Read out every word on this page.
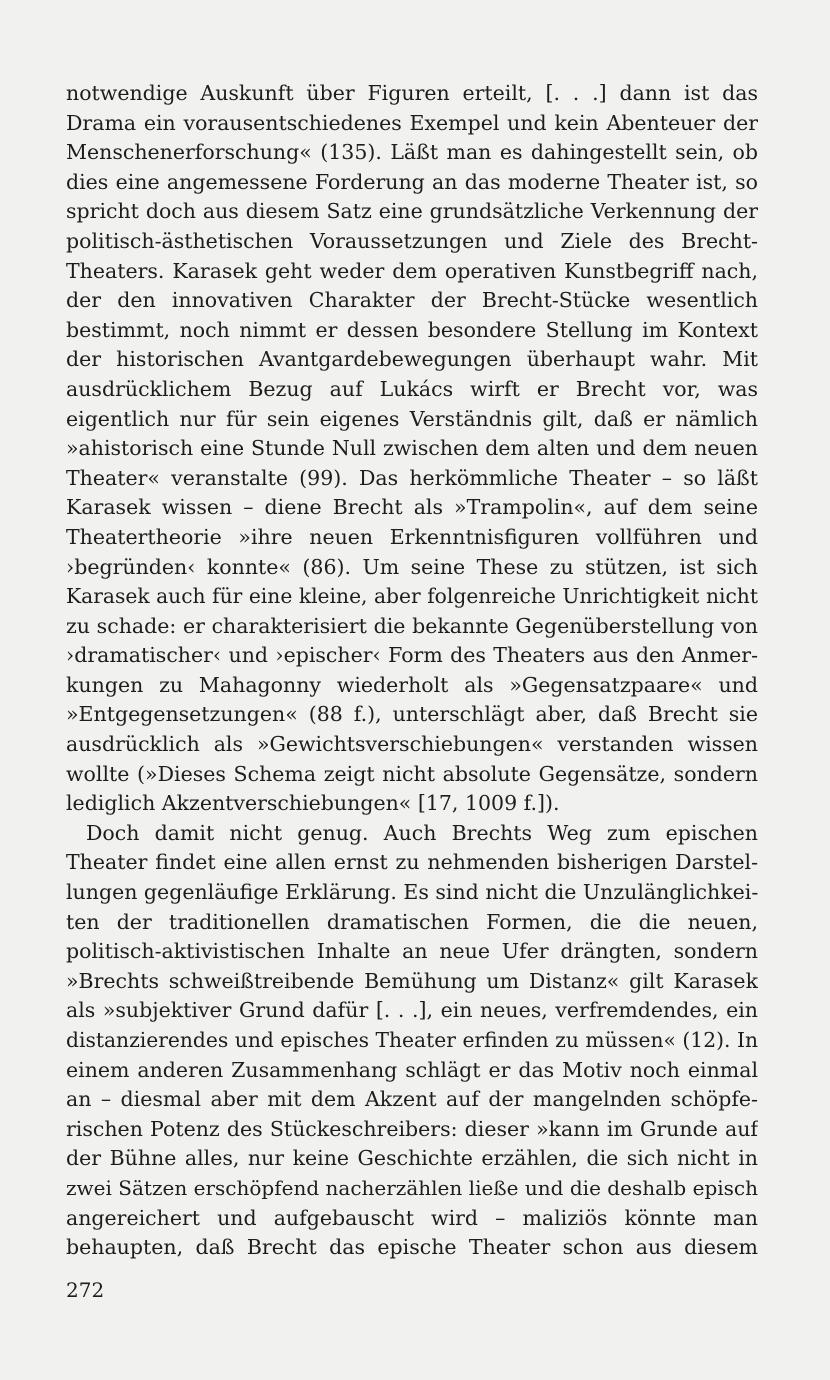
notwendige Auskunft über Figuren erteilt, [. . .] dann ist das
Drama ein vorausentschiedenes Exempel und kein Abenteuer der
Menschenerforschung« (135). Läßt man es dahingestellt sein, ob
dies eine angemessene Forderung an das moderne Theater ist, so
spricht doch aus diesem Satz eine grundsätzliche Verkennung der
politisch-ästhetischen Voraussetzungen und Ziele des Brecht-
Theaters. Karasek geht weder dem operativen Kunstbegriff nach,
der den innovativen Charakter der Brecht-Stücke wesentlich
bestimmt, noch nimmt er dessen besondere Stellung im Kontext
der historischen Avantgardebewegungen überhaupt wahr. Mit
ausdrücklichem Bezug auf Lukács wirft er Brecht vor, was
eigentlich nur für sein eigenes Verständnis gilt, daß er nämlich
»ahistorisch eine Stunde Null zwischen dem alten und dem neuen
Theater« veranstalte (99). Das herkömmliche Theater – so läßt
Karasek wissen – diene Brecht als »Trampolin«, auf dem seine
Theatertheorie »ihre neuen Erkenntnisfiguren vollführen und
›begründen‹ konnte« (86). Um seine These zu stützen, ist sich
Karasek auch für eine kleine, aber folgenreiche Unrichtigkeit nicht
zu schade: er charakterisiert die bekannte Gegenüberstellung von
›dramatischer‹ und ›epischer‹ Form des Theaters aus den Anmer-
kungen zu Mahagonny wiederholt als »Gegensatzpaare« und
»Entgegensetzungen« (88 f.), unterschlägt aber, daß Brecht sie
ausdrücklich als »Gewichtsverschiebungen« verstanden wissen
wollte (»Dieses Schema zeigt nicht absolute Gegensätze, sondern
lediglich Akzentverschiebungen« [17, 1009 f.]).
Doch damit nicht genug. Auch Brechts Weg zum epischen
Theater findet eine allen ernst zu nehmenden bisherigen Darstel-
lungen gegenläufige Erklärung. Es sind nicht die Unzulänglichkei-
ten der traditionellen dramatischen Formen, die die neuen,
politisch-aktivistischen Inhalte an neue Ufer drängten, sondern
»Brechts schweißtreibende Bemühung um Distanz« gilt Karasek
als »subjektiver Grund dafür [. . .], ein neues, verfremdendes, ein
distanzierendes und episches Theater erfinden zu müssen« (12). In
einem anderen Zusammenhang schlägt er das Motiv noch einmal
an – diesmal aber mit dem Akzent auf der mangelnden schöpfe-
rischen Potenz des Stückeschreibers: dieser »kann im Grunde auf
der Bühne alles, nur keine Geschichte erzählen, die sich nicht in
zwei Sätzen erschöpfend nacherzählen ließe und die deshalb episch
angereichert und aufgebauscht wird – maliziös könnte man
behaupten, daß Brecht das epische Theater schon aus diesem
272
